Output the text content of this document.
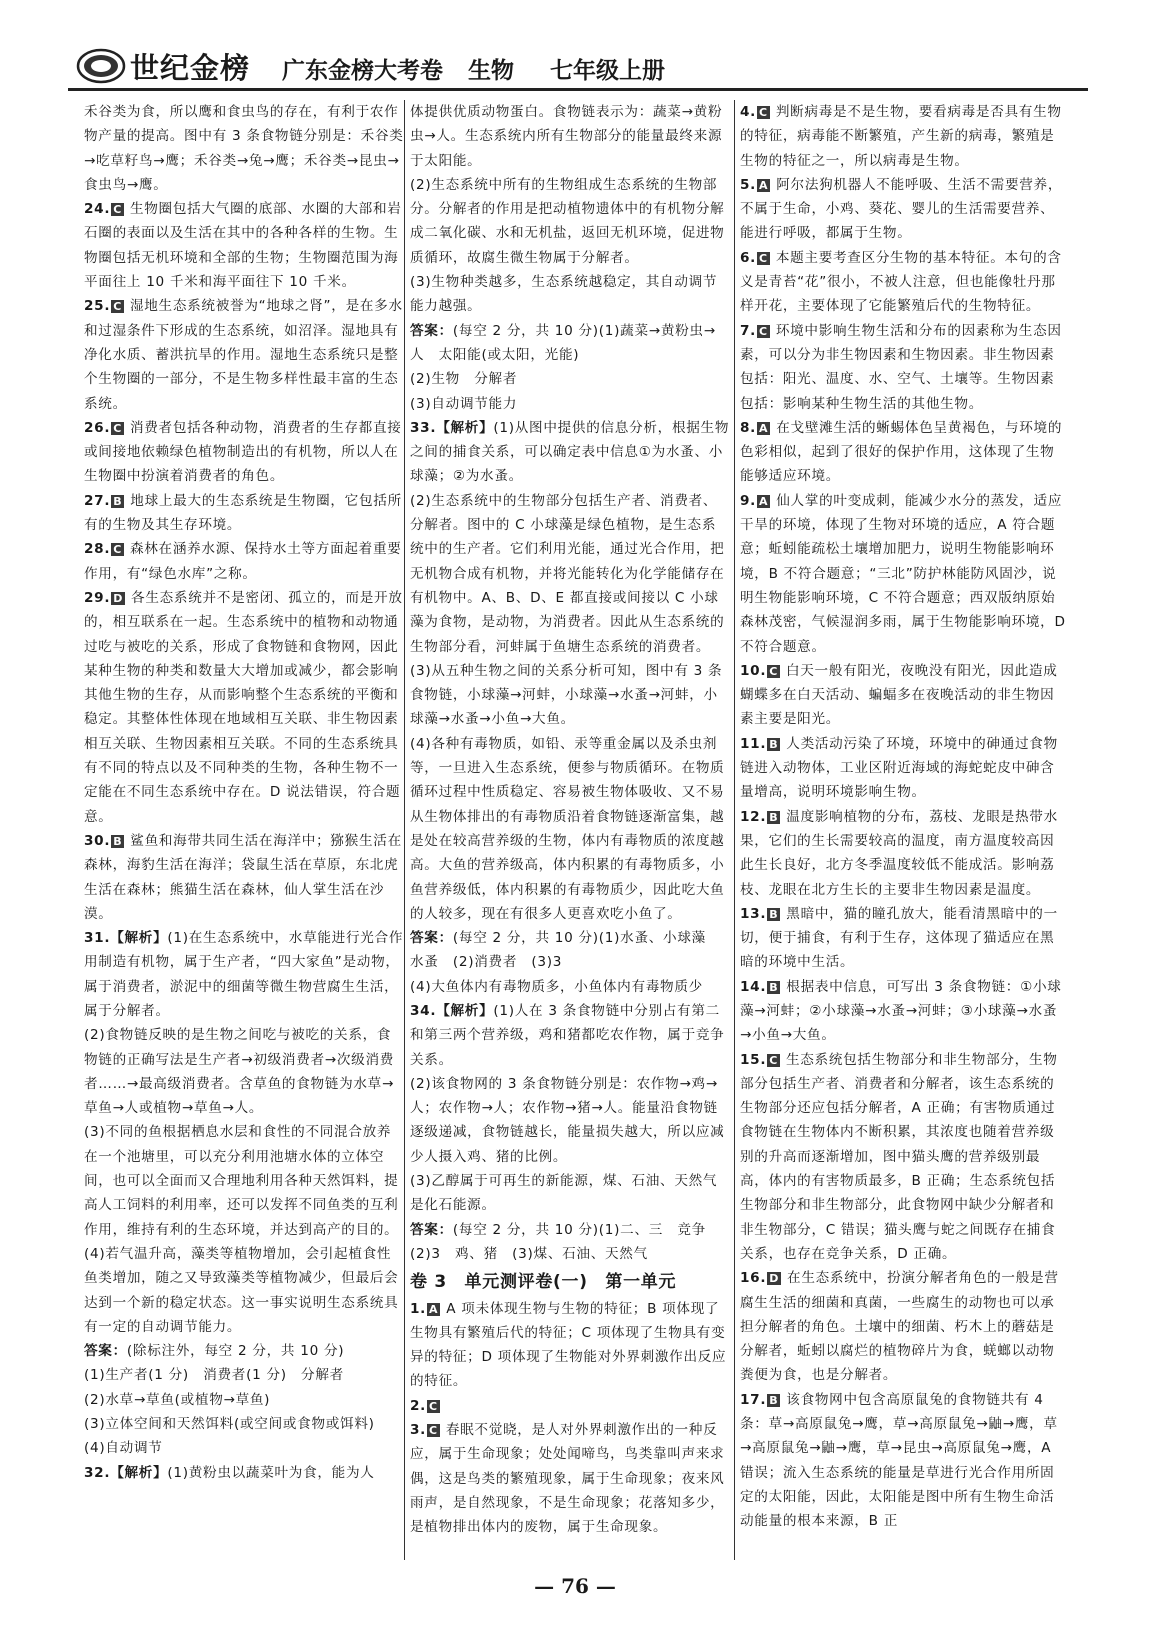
世纪金榜 广东金榜大考卷 生物 七年级上册

禾谷类为食，所以鹰和食虫鸟的存在，有利于农作物产量的提高。图中有 3 条食物链分别是：禾谷类→吃草籽鸟→鹰；禾谷类→兔→鹰；禾谷类→昆虫→食虫鸟→鹰。

24. C 生物圈包括大气圈的底部、水圈的大部和岩石圈的表面以及生活在其中的各种各样的生物。生物圈包括无机环境和全部的生物；生物圈范围为海平面往上 10 千米和海平面往下 10 千米。

25. C 湿地生态系统被誉为“地球之肾”，是在多水和过湿条件下形成的生态系统，如沼泽。湿地具有净化水质、蓄洪抗旱的作用。湿地生态系统只是整个生物圈的一部分，不是生物多样性最丰富的生态系统。

26. C 消费者包括各种动物，消费者的生存都直接或间接地依赖绿色植物制造出的有机物，所以人在生物圈中扮演着消费者的角色。

27. B 地球上最大的生态系统是生物圈，它包括所有的生物及其生存环境。

28. C 森林在涵养水源、保持水土等方面起着重要作用，有“绿色水库”之称。

29. D 各生态系统并不是密闭、孤立的，而是开放的，相互联系在一起。生态系统中的植物和动物通过吃与被吃的关系，形成了食物链和食物网，因此某种生物的种类和数量大大增加或减少，都会影响其他生物的生存，从而影响整个生态系统的平衡和稳定。其整体性体现在地域相互关联、非生物因素相互关联、生物因素相互关联。不同的生态系统具有不同的特点以及不同种类的生物，各种生物不一定能在不同生态系统中存在。D 说法错误，符合题意。

30. B 鲨鱼和海带共同生活在海洋中；猕猴生活在森林，海豹生活在海洋；袋鼠生活在草原，东北虎生活在森林；熊猫生活在森林，仙人掌生活在沙漠。

31.【解析】(1)在生态系统中，水草能进行光合作用制造有机物，属于生产者，“四大家鱼”是动物，属于消费者，淤泥中的细菌等微生物营腐生生活，属于分解者。

(2)食物链反映的是生物之间吃与被吃的关系，食物链的正确写法是生产者→初级消费者→次级消费者……→最高级消费者。含草鱼的食物链为水草→草鱼→人或植物→草鱼→人。

(3)不同的鱼根据栖息水层和食性的不同混合放养在一个池塘里，可以充分利用池塘水体的立体空间，也可以全面而又合理地利用各种天然饵料，提高人工饲料的利用率，还可以发挥不同鱼类的互利作用，维持有利的生态环境，并达到高产的目的。

(4)若气温升高，藻类等植物增加，会引起植食性鱼类增加，随之又导致藻类等植物减少，但最后会达到一个新的稳定状态。这一事实说明生态系统具有一定的自动调节能力。

答案：(除标注外，每空 2 分，共 10 分)

(1)生产者(1 分)　消费者(1 分)　分解者

(2)水草→草鱼(或植物→草鱼)

(3)立体空间和天然饵料(或空间或食物或饵料)

(4)自动调节

32.【解析】(1)黄粉虫以蔬菜叶为食，能为人

体提供优质动物蛋白。食物链表示为：蔬菜→黄粉虫→人。生态系统内所有生物部分的能量最终来源于太阳能。

(2)生态系统中所有的生物组成生态系统的生物部分。分解者的作用是把动植物遗体中的有机物分解成二氧化碳、水和无机盐，返回无机环境，促进物质循环，故腐生微生物属于分解者。

(3)生物种类越多，生态系统越稳定，其自动调节能力越强。

答案：(每空 2 分，共 10 分)(1)蔬菜→黄粉虫→人　太阳能(或太阳，光能)

(2)生物　分解者

(3)自动调节能力

33.【解析】(1)从图中提供的信息分析，根据生物之间的捕食关系，可以确定表中信息①为水蚤、小球藻；②为水蚤。

(2)生态系统中的生物部分包括生产者、消费者、分解者。图中的 C 小球藻是绿色植物，是生态系统中的生产者。它们利用光能，通过光合作用，把无机物合成有机物，并将光能转化为化学能储存在有机物中。A、B、D、E 都直接或间接以 C 小球藻为食物，是动物，为消费者。因此从生态系统的生物部分看，河蚌属于鱼塘生态系统的消费者。

(3)从五种生物之间的关系分析可知，图中有 3 条食物链，小球藻→河蚌，小球藻→水蚤→河蚌，小球藻→水蚤→小鱼→大鱼。

(4)各种有毒物质，如铅、汞等重金属以及杀虫剂等，一旦进入生态系统，便参与物质循环。在物质循环过程中性质稳定、容易被生物体吸收、又不易从生物体排出的有毒物质沿着食物链逐渐富集，越是处在较高营养级的生物，体内有毒物质的浓度越高。大鱼的营养级高，体内积累的有毒物质多，小鱼营养级低，体内积累的有毒物质少，因此吃大鱼的人较多，现在有很多人更喜欢吃小鱼了。

答案：(每空 2 分，共 10 分)(1)水蚤、小球藻　水蚤　(2)消费者　(3)3

(4)大鱼体内有毒物质多，小鱼体内有毒物质少

34.【解析】(1)人在 3 条食物链中分别占有第二和第三两个营养级，鸡和猪都吃农作物，属于竞争关系。

(2)该食物网的 3 条食物链分别是：农作物→鸡→人；农作物→人；农作物→猪→人。能量沿食物链逐级递减，食物链越长，能量损失越大，所以应减少人摄入鸡、猪的比例。

(3)乙醇属于可再生的新能源，煤、石油、天然气是化石能源。

答案：(每空 2 分，共 10 分)(1)二、三　竞争　(2)3　鸡、猪　(3)煤、石油、天然气

卷 3　单元测评卷(一)　第一单元

1. A A 项未体现生物与生物的特征；B 项体现了生物具有繁殖后代的特征；C 项体现了生物具有变异的特征；D 项体现了生物能对外界刺激作出反应的特征。

2. C

3. C 春眠不觉晓，是人对外界刺激作出的一种反应，属于生命现象；处处闻啼鸟，鸟类靠叫声来求偶，这是鸟类的繁殖现象，属于生命现象；夜来风雨声，是自然现象，不是生命现象；花落知多少，是植物排出体内的废物，属于生命现象。

4. C 判断病毒是不是生物，要看病毒是否具有生物的特征，病毒能不断繁殖，产生新的病毒，繁殖是生物的特征之一，所以病毒是生物。

5. A 阿尔法狗机器人不能呼吸、生活不需要营养，不属于生命，小鸡、葵花、婴儿的生活需要营养、能进行呼吸，都属于生物。

6. C 本题主要考查区分生物的基本特征。本句的含义是青苔“花”很小，不被人注意，但也能像牡丹那样开花，主要体现了它能繁殖后代的生物特征。

7. C 环境中影响生物生活和分布的因素称为生态因素，可以分为非生物因素和生物因素。非生物因素包括：阳光、温度、水、空气、土壤等。生物因素包括：影响某种生物生活的其他生物。

8. A 在戈壁滩生活的蜥蜴体色呈黄褐色，与环境的色彩相似，起到了很好的保护作用，这体现了生物能够适应环境。

9. A 仙人掌的叶变成刺，能减少水分的蒸发，适应干旱的环境，体现了生物对环境的适应，A 符合题意；蚯蚓能疏松土壤增加肥力，说明生物能影响环境，B 不符合题意；“三北”防护林能防风固沙，说明生物能影响环境，C 不符合题意；西双版纳原始森林茂密，气候湿润多雨，属于生物能影响环境，D 不符合题意。

10. C 白天一般有阳光，夜晚没有阳光，因此造成蝴蝶多在白天活动、蝙蝠多在夜晚活动的非生物因素主要是阳光。

11. B 人类活动污染了环境，环境中的砷通过食物链进入动物体，工业区附近海域的海蛇蛇皮中砷含量增高，说明环境影响生物。

12. B 温度影响植物的分布，荔枝、龙眼是热带水果，它们的生长需要较高的温度，南方温度较高因此生长良好，北方冬季温度较低不能成活。影响荔枝、龙眼在北方生长的主要非生物因素是温度。

13. B 黑暗中，猫的瞳孔放大，能看清黑暗中的一切，便于捕食，有利于生存，这体现了猫适应在黑暗的环境中生活。

14. B 根据表中信息，可写出 3 条食物链：①小球藻→河蚌；②小球藻→水蚤→河蚌；③小球藻→水蚤→小鱼→大鱼。

15. C 生态系统包括生物部分和非生物部分，生物部分包括生产者、消费者和分解者，该生态系统的生物部分还应包括分解者，A 正确；有害物质通过食物链在生物体内不断积累，其浓度也随着营养级别的升高而逐渐增加，图中猫头鹰的营养级别最高，体内的有害物质最多，B 正确；生态系统包括生物部分和非生物部分，此食物网中缺少分解者和非生物部分，C 错误；猫头鹰与蛇之间既存在捕食关系，也存在竞争关系，D 正确。

16. D 在生态系统中，扮演分解者角色的一般是营腐生生活的细菌和真菌，一些腐生的动物也可以承担分解者的角色。土壤中的细菌、朽木上的蘑菇是分解者，蚯蚓以腐烂的植物碎片为食，蜣螂以动物粪便为食，也是分解者。

17. B 该食物网中包含高原鼠兔的食物链共有 4 条：草→高原鼠兔→鹰，草→高原鼠兔→鼬→鹰，草→高原鼠兔→鼬→鹰，草→昆虫→高原鼠兔→鹰，A 错误；流入生态系统的能量是草进行光合作用所固定的太阳能，因此，太阳能是图中所有生物生命活动能量的根本来源，B 正

— 76 —
